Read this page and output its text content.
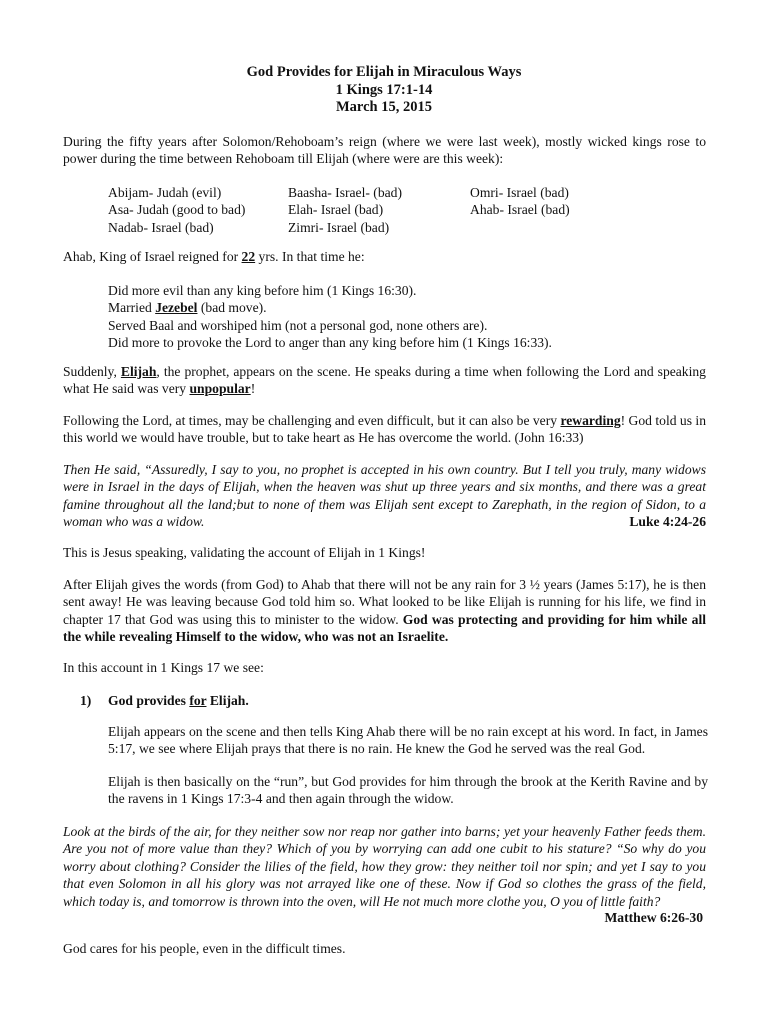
God Provides for Elijah in Miraculous Ways
1 Kings 17:1-14
March 15, 2015
During the fifty years after Solomon/Rehoboam’s reign (where we were last week), mostly wicked kings rose to power during the time between Rehoboam till Elijah (where were are this week):
Abijam- Judah (evil)
Asa- Judah (good to bad)
Nadab- Israel (bad)
Baasha- Israel- (bad)
Elah- Israel (bad)
Zimri- Israel (bad)
Omri- Israel (bad)
Ahab- Israel (bad)
Ahab, King of Israel reigned for 22 yrs. In that time he:
Did more evil than any king before him (1 Kings 16:30).
Married Jezebel (bad move).
Served Baal and worshiped him (not a personal god, none others are).
Did more to provoke the Lord to anger than any king before him (1 Kings 16:33).
Suddenly, Elijah, the prophet, appears on the scene. He speaks during a time when following the Lord and speaking what He said was very unpopular!
Following the Lord, at times, may be challenging and even difficult, but it can also be very rewarding! God told us in this world we would have trouble, but to take heart as He has overcome the world. (John 16:33)
Then He said, “Assuredly, I say to you, no prophet is accepted in his own country. But I tell you truly, many widows were in Israel in the days of Elijah, when the heaven was shut up three years and six months, and there was a great famine throughout all the land;but to none of them was Elijah sent except to Zarephath, in the region of Sidon, to a woman who was a widow.	Luke 4:24-26
This is Jesus speaking, validating the account of Elijah in 1 Kings!
After Elijah gives the words (from God) to Ahab that there will not be any rain for 3 ½ years (James 5:17), he is then sent away! He was leaving because God told him so. What looked to be like Elijah is running for his life, we find in chapter 17 that God was using this to minister to the widow. God was protecting and providing for him while all the while revealing Himself to the widow, who was not an Israelite.
In this account in 1 Kings 17 we see:
1) God provides for Elijah.
Elijah appears on the scene and then tells King Ahab there will be no rain except at his word. In fact, in James 5:17, we see where Elijah prays that there is no rain. He knew the God he served was the real God.
Elijah is then basically on the “run”, but God provides for him through the brook at the Kerith Ravine and by the ravens in 1 Kings 17:3-4 and then again through the widow.
Look at the birds of the air, for they neither sow nor reap nor gather into barns; yet your heavenly Father feeds them. Are you not of more value than they? Which of you by worrying can add one cubit to his stature? “So why do you worry about clothing? Consider the lilies of the field, how they grow: they neither toil nor spin; and yet I say to you that even Solomon in all his glory was not arrayed like one of these. Now if God so clothes the grass of the field, which today is, and tomorrow is thrown into the oven, will He not much more clothe you, O you of little faith?
Matthew 6:26-30
God cares for his people, even in the difficult times.
